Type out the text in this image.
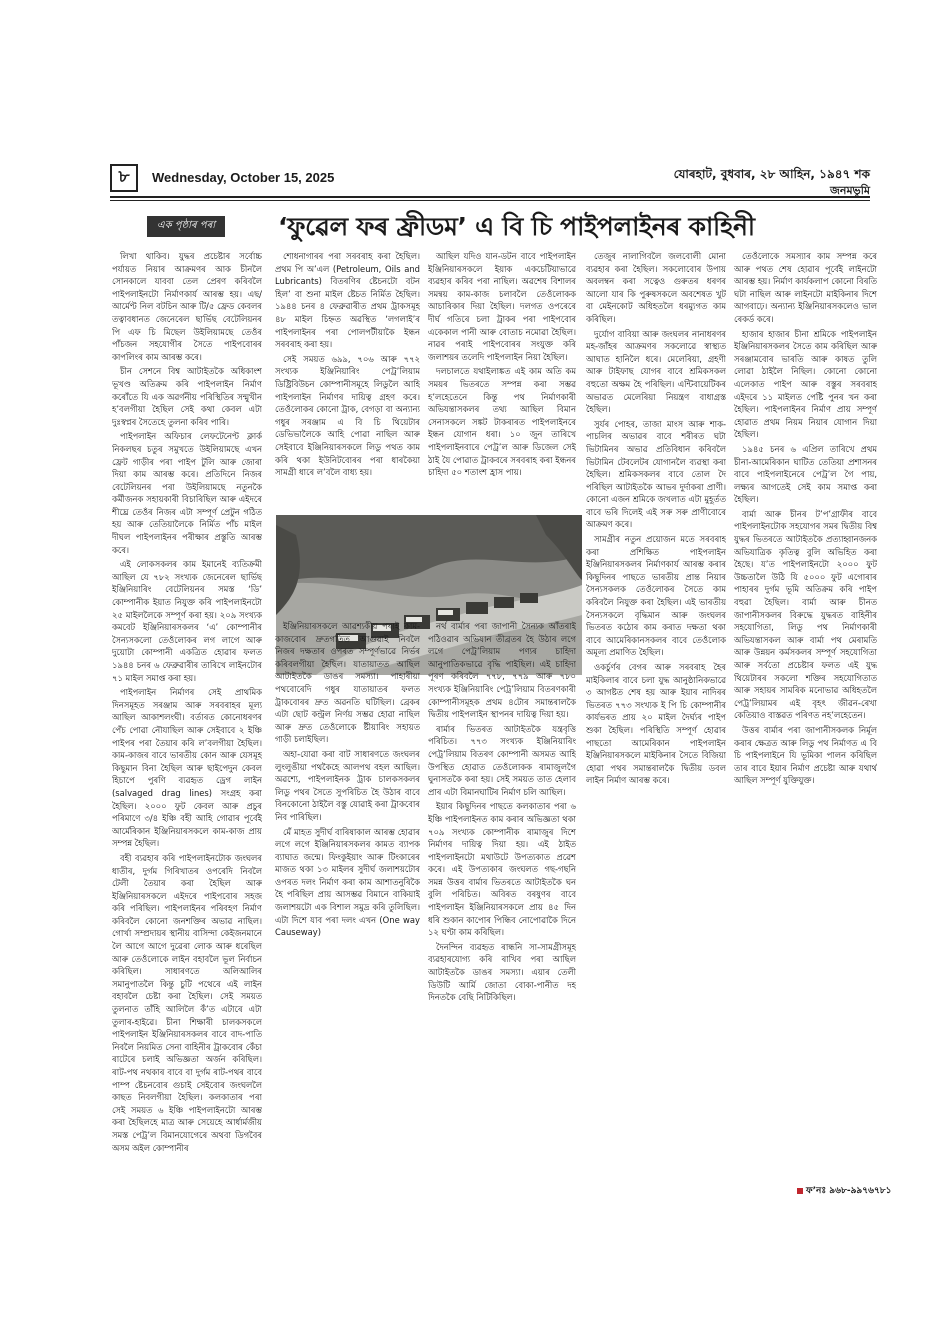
৮	Wednesday, October 15, 2025	যোৰহাট, বুধবাৰ, ২৮ আহিন, ১৯৪৭ শক
জনমভূমি
এক পৃষ্ঠাৰ পৰা	‘ফুৱেল ফৰ ফ্ৰীডম’ এ বি চি পাইপলাইনৰ কাহিনী

লিখা থাকিব। যুদ্ধৰ প্ৰচেষ্টাৰ সৰ্বোচ্চ পৰ্যায়ত নিয়াৰ আক্ৰমণৰ আক চীনলৈ সোনকালে যাববা তেল প্ৰেৰণ কৰিবলৈ পাইপলাইনটো নিৰ্মাণকাৰ্য আৰম্ভ হয়। এছ/আৰ্মেণ্ট নিল বটচিন আৰু টি/৫ ফ্ৰেড কেবলৰ তত্বাবধানত জেনেৰেল ছাৰ্ভিছ বেটেলিয়নৰ পি এফ চি মিছেল উইলিয়ামছে তেওঁৰ পাঁচজন সহযোগীৰ সৈতে পাইপবোৰৰ কাপলিংৰ কাম আৰম্ভ কৰে।

চীন সেশনে বিশ্ব আটাইতকৈ অধিকাংশ ভূখণ্ড অতিক্ৰম কৰি পাইপলাইন নিৰ্মাণ কৰোঁতে যি এক অৱৰ্ণনীয় পৰিস্থিতিৰ সন্মুখীন হ’বলগীয়া হৈছিল সেই কথা কেবল এটা দুঃস্বপ্নৰ সৈতেহে তুলনা কৰিব পাৰি।

পাইপলাইন অফিচাৰ লেফটেনেণ্ট ক্লাৰ্ক নিকলছৰ চতুৰ সমুখতে উইলিয়ামছে এখন ফ্ৰেট গাড়ীৰ পৰা পাইপ টুলি আৰু জোৰা দিয়া কাম আৰম্ভ কৰে। প্ৰতিদিনে নিজৰ বেটেলিয়নৰ পৰা উইলিয়ামছে নতুনকৈ কৰ্মীজনক সহায়কাৰী বিচাৰিছিল আৰু এইদৰে শীঘ্ৰে তেওঁৰ নিজৰ এটা সম্পূৰ্ণ প্ৰেটুন গঠিত হয় আৰু তেতিয়ালৈকে নিৰ্মিত পাঁচ মাইল দীঘল পাইপলাইনৰ পৰীক্ষাৰ প্ৰস্তুতি আৰম্ভ কৰে।

এই লোকসকলৰ কাম ইমানেই ব্যতিক্ৰমী আছিল যে ৭৮২ সংখ্যক জেনেৰেল ছাৰ্ভিছ ইঞ্জিনিয়াৰিং বেটেলিয়নৰ সমস্ত ‘ডি’ কোম্পানীক ইয়াত নিযুক্ত কৰি পাইপলাইনটো ২৫ মাইললৈকে সম্পূৰ্ণ কৰা হয়। ২০৯ সংখ্যক কমবেট ইঞ্জিনিয়াৰসকলৰ ‘এ’ কোম্পানীৰ সৈন্যসকলো তেওঁলোকৰ লগ লাগে আৰু দুয়োটা কোম্পানী একত্ৰিত হোৱাৰ ফলত ১৯৪৪ চনৰ ৬ ফেব্ৰুৱাৰীৰ তাৰিখে লাইনটোৰ ৭১ মাইল সমাপ্ত কৰা হয়।

পাইপলাইন নিৰ্মাণৰ সেই প্ৰাথমিক দিনসমূহত সৰঞ্জাম আৰু সৰবৰাহৰ মূল্য আছিল আকাশলংঘী। বৰ্তাৰত কোনোধৰণৰ পেঁচ পোৱা নৌযাছিল আৰু সেইবাবে ২ ইঞ্চি পাইপৰ পৰা তৈয়াৰ কৰি ল’বলগীয়া হৈছিল। কাম-কাজৰ বাবে ভাৰতীয় কোন আৰু যেসমূহ কিছুমান বিনা হৈছিল আৰু ছাইপেদুন কেবল হিচাপে পুৰণি ব্যৱহৃত ড্ৰেগ লাইন (salvaged drag lines) সংগ্ৰহ কৰা হৈছিল। ২০০০ ফুট কেবল আৰু প্ৰচুৰ পৰিমাণে ৩/৪ ইঞ্চি বহী আহি গোৱাৰ পূৰ্বেই আৰ্মেৰিকান ইঞ্জিনিয়াৰসকলে কাম-কাজ প্ৰায় সম্পন্ন হৈছিল।

বহী ব্যৱহাৰ কৰি পাইপলাইনটোক জংঘলৰ ধাতীৰ, দুৰ্গম গিৰিখাতৰ ওপৰেদি নিবলৈ টেলী তৈয়াৰ কৰা হৈছিল আৰু ইঞ্জিনিয়াৰসকলে এইদৰে পাইপবোৰ সহজ কৰি পৰিছিল। পাইপলাইনৰ পৰিবহণ নিৰ্মাণ কৰিবলৈ কোনো জনশক্তিৰ অভাৱ নাছিল। গোৰ্খা সম্প্ৰদায়ৰ স্থানীয় বাসিন্দা কেইজনমানে লৈ আগে আগে দুৱেৰা লোক আৰু ধৰেছিল আৰু তেওঁলোকে লাইন বহাবলৈ ভূল নিৰ্বাচন কৰিছিল। সাধাৰণতে অলিআলিৰ সমানুপাতলৈ কিন্তু চুটি পথেৰে এই লাইন বহাবলৈ চেষ্টা কৰা হৈছিল। সেই সময়ত তুলনাত তাঁহি আলিলৈ কঁ’ত এটাৰে এটা তুলাৰ-হাইৱে। চীনা শিক্ষাৰী চালকসকলে পাইপলাইন ইঞ্জিনিয়াৰসকলৰ বাবে বাদ-পাতি নিবলৈ নিয়মিত সেনা বাহিনীৰ ট্ৰাকবোৰ কেঁচা ৰাটেৰে চলাই অভিজ্ঞতা অৰ্জন কৰিছিল। ৰাট-পথ নথকাৰ বাবে বা দুৰ্গম ৰাট-পথৰ বাবে পাম্প ষ্টেচনবোৰ গুচাই সেইবোৰ জংঘললৈ কাছত নিবলগীয়া হৈছিল। কলকাতাৰ পৰা সেই সময়ত ৬ ইঞ্চি পাইপলাইনটো আৰম্ভ কৰা হৈছিলহে মাত্ৰ আৰু সেয়েহে আৰ্ধাৰ্মজীয় সমস্ত পেট্ৰ’ল বিমানযোগেৰে অথবা ডিগবৈৰ অসম অইল কোম্পানীৰ

শোধনাগাৰৰ পৰা সৰবৰাহ কৰা হৈছিল। প্ৰথম পি অ’এল (Petroleum, Oils and Lubricants) বিতৰণিৰ ষ্টেচনটো বটন হিল’ বা শুনা মাইল ষ্টেচত নিৰ্মিত হৈছিল। ১৯৪৪ চনৰ ৪ ফেব্ৰুৱাৰীত প্ৰথম ট্ৰাকসমূহ ৪৮ মাইল চিহ্নত অৱস্থিত ‘লগলাই’ৰ পাইপলাইনৰ পৰা পোলপটীয়াকৈ ইন্ধন সৰবৰাহ কৰা হয়।

সেই সময়ত ৬৯৯, ৭০৬ আৰু ৭৭২ সংখ্যক ইঞ্জিনিয়াৰিং পেট্ৰ’লিয়াম ডিষ্ট্ৰিবিউচন কোম্পানীসমূহে লিডুলৈ আহি পাইপলাইন নিৰ্মাণৰ দায়িত্ব গ্ৰহণ কৰে। তেওঁলোকৰ কোনো ট্ৰাক, বেগড়া বা অন্যান্য গধুৰ সৰঞ্জাম এ বি চি থিয়েটাৰ ডেভিভালৈকে আহি পোৱা নাছিল আৰু সেইবাবে ইঞ্জিনিয়াৰসকলে লিডু পথত কাম কৰি থকা ইউনিটবোৰৰ পৰা ধাৰকৈয়া সামগ্ৰী ধাৰে ল’বলৈ বাধ্য হয়।

আছিল যদিও যান-ডটন বাবে পাইপলাইন ইঞ্জিনিয়াৰসকলে ইয়াক একচেটিয়াভাৱে ব্যৱহাৰ কৰিব পৰা নাছিল। অৱশেষ বিশালৰ সমন্বয় কাম-কাজ চলাবলৈ তেওঁলোকক আচাৰিকাৰ দিয়া হৈছিল। দলগত ওপৰেৰে দীৰ্ঘ গতিৰে চলা ট্ৰাকৰ পৰা পাইপবোৰ একেকাল পানী আৰু বোতাচ নমোৱা হৈছিল। নাৱৰ পৰাই পাইপবোৰৰ সংযুক্ত কৰি জলাশয়ৰ তলেদি পাইপলাইন নিয়া হৈছিল।

দলচালতে যথাইলাঙ্কত এই কাম অতি কম সময়ৰ ভিতৰতে সম্পন্ন কৰা সম্ভৱ হ’লহেতেনে কিন্তু পথ নিৰ্মাণকাৰী অভিযন্তাসকলৰ তথ্য আছিল বিমান সেনাসকলে সঙ্কট টাকৰাৰত পাইপলাইনৰে ইন্ধন যোগান ধৰা। ১০ জুন তাৰিখে পাইপলাইনবাৰে পেট্ৰ’ল আৰু ডিজেল সেই ঠাই যৈ পোৱাত ট্ৰাকবৰে সৰবৰাহ কৰা ইন্ধনৰ চাহিদা ৫০ শতাংশ হ্ৰাস পায়।

ইঞ্জিনিয়াৰসকলে আৱশ্যকীয় পৰাই কাম-কাজবোৰ দ্ৰুতগতিত আগুৱাই নিবলৈ নিজৰ দক্ষতাৰ ওপৰত সম্পূৰ্ণভাৱে নিৰ্ভৰ কৰিবলগীয়া হৈছিল। যাতায়াতত আছিল আটাইতকৈ ডাঙৰ সমস্যা। পাহাৰীয়া পথবোৰেদি গধুৰ যাতায়াতৰ ফলত ট্ৰাকবোৰৰ দ্ৰুত অৱনতি ঘটিছিল। ব্ৰেকৰ এটা ছোট কন্ট্ৰল নিৰ্ণয় সম্ভৱ হোৱা নাছিল আৰু দ্ৰুত তেওঁলোকে ষ্টীয়াৰিং সহায়ত গাড়ী চলাইছিল।

অহা-যোৱা কৰা বাট সাধাৰণতে জংঘলৰ লুংলুঙীয়া পথকৈহে আলপথ বহল আছিল। অৱশ্যে, পাইপলাইনক ট্ৰাক চালকসকলৰ লিডু পথৰ সৈতে সুপৰিচিত হৈ উঠাৰ বাবে বিনকোনো ঠাইলৈ বস্তু যোৱাই কৰা ট্ৰাকবোৰ নিব পাৰিছিল।

মেঁ মাহত সুদীৰ্ঘ বাৰিষাকাল আৰম্ভ হোৱাৰ লগে লগে ইঞ্জিনিয়াৰসকলৰ কামত ব্যাপক ব্যাঘাত জন্মে। ফিংকুইয়াং আৰু টিংকাৰেৰ মাজত থকা ১৩ মাইলৰ সুদীৰ্ঘ জলাশয়টোৰ ওপৰত দলং নিৰ্মাণ কৰা কাম আশাতনুৰিকৈ হৈ পৰিছিল প্ৰায় আসম্ভৱ বিমানে বাকিয়াই জলাশয়টো এক বিশাল সমুদ্ৰ কৰি তুলিছিল। এটা দিশে যাব পৰা দলং এখন (One way Causeway)

নৰ্থ বাৰ্মাৰ পৰা জাপানী সৈন্যক আঁতৰাই পঠিওৱাৰ অভিযান তীব্ৰতৰ হৈ উঠাৰ লগে লগে পেট্ৰ’লিয়াম পণ্যৰ চাহিদা আনুপাতিকভাৱে বৃদ্ধি পাইছিল। এই চাহিদা পূৰণ কৰিবলৈ ৭৭৮, ৭৭৯ আৰু ৭৮০ সংখ্যক ইঞ্জিনিয়াৰিং পেট্ৰ’লিয়াম বিতৰণকাৰী কোম্পানীসমূহক প্ৰথম ৪টোৰ সমান্তৰালকৈ দ্বিতীয় পাইপলাইন স্থাপনৰ দায়িত্ব দিয়া হয়।

ৰাৰ্মাৰ ভিতৰত আটাইতকৈ যন্ত্ৰবৃত্তি পৰিচিত। ৭৭৩ সংখ্যক ইঞ্জিনিয়াৰিং পেট্ৰ’লিয়াম বিতৰণ কোম্পানী অসমত আহি উপস্থিত হোৱাত তেওঁলোকক ৰামাজুলগৈ ঘুনাসতকৈ কৰা হয়। সেই সময়ত তাত হেলাব প্ৰাৰ এটা বিমানঘাটিৰ নিৰ্মাণ চলি আছিল।

ইয়াৰ কিছুদিনৰ পাছতে কলকাতাৰ পৰা ৬ ইঞ্চি পাইপলাইনত কাম কৰাৰ অভিজ্ঞতা থকা ৭০৯ সংখ্যক কোম্পানীক ৰামাজুৰ দিশে নিৰ্মাণৰ দায়িত্ব দিয়া হয়। এই ঠাইত পাইপলাইনটো মথাউটে উপত্যকাত প্ৰৱেশ কৰে। এই উপত্যকাৰ জংঘলত গছ-গছনি সমন্ন উত্তৰ বাৰ্মাৰ ভিতৰতে আটাইতকৈ ঘন বুলি পৰিচিত। অবিৰত বৰষুণৰ বাবে পাইপলাইন ইঞ্জিনিয়াৰসকলে প্ৰায় ৪৫ দিন ধৰি শুকান কাপোৰ পিন্ধিব নোপোৱাকৈ দিনে ১২ ঘণ্টা কাম কৰিছিল।

দৈনন্দিন ব্যৱহৃত ৰান্ধনি সা-সামগ্ৰীসমূহ ব্যৱহাৰযোগ্য কৰি ৰাখিব পৰা আছিল আটাইতকৈ ডাঙৰ সমস্যা। এয়াৰ তেলী ডিউটি আৰ্মি জোতা বোকা-পানীত দহ দিনতকৈ বেছি নিটিকিছিল।

তেজুৰ নালাগিবলৈ জলবোলী মোনা ব্যৱহাৰ কৰা হৈছিল। সকলোবোৰ উপায় অবলম্বন কৰা সত্বেও গুৰুতৰ ধৰণৰ আলো যাৰ কি পুৰুষসকলে অবশেষত খুট বা মেইনকোট অধিহতলৈ ধৰম্যুগত কাম কৰিছিল।

দুৰ্যোগ বাবিয়া আৰু জংঘলৰ নানাধৰণৰ মহ-জাঁহৰ আক্ৰমণৰ সকলোৱে স্বাস্থ্যত আঘাত হানিলৈ ধৰে। মেলেৰিয়া, গ্ৰহণী আৰু টাইফাছ যোগৰ বাবে শ্ৰমিকসকল বহুতো অক্ষম হৈ পৰিছিল। এন্টিবায়েটিকৰ অভাৱত মেলেৰিয়া নিয়ন্ত্ৰণ বাধাগ্ৰস্ত হৈছিল।

সুৰ্যৰ পোহৰ, তাজা মাংস আৰু শাক-পাচলিৰ অভাৱৰ বাবে শৰীৰত ঘটা ভিটামিনৰ অভাৱ প্ৰতিবিধান কৰিবলৈ ভিটামিন টেবলেটৰ যোগানলৈ ব্যৱস্থা কৰা হৈছিল। শ্ৰমিকসকলৰ বাবে তোল দৈ পৰিছিল আটাইতকৈ আভৰ দুৰ্দাকৰা প্ৰাণী। কোনো এজন শ্ৰমিকে জখলাত এটা মুহূৰ্তত বাবে ভৰি দিলেই এই সৰু সৰু প্ৰাণীবোৰে আক্ৰমণ কৰে।

সামগ্ৰীৰ নতুন প্ৰয়োজন মতে সৰবৰাহ কৰা প্ৰশিক্ষিত পাইপলাইন ইঞ্জিনিয়াৰসকলৰ নিৰ্মাণকাৰ্য আৰম্ভ কৰাৰ কিছুদিনৰ পাছতে ভাৰতীয় প্ৰান্ত নিয়াৰ সৈন্যসকলক তেওঁলোকৰ সৈতে কাম কৰিবলৈ নিযুক্ত কৰা হৈছিল। এই ভাৰতীয় সৈন্যসকলে বৃদ্ধিমান আৰু জংঘলৰ ভিতৰত কঠোৰ কাম কৰাত দক্ষতা থকা বাবে আমেৰিকানসকলৰ বাবে তেওঁলোক অমূল্য প্ৰমাণিত হৈছিল।

ওকৰ্চুৰ্ণৰ বেগৰ আৰু সৰবৰাহ হৈৰ মাইকিলাৰ বাবে চলা যুদ্ধ আনুষ্ঠানিকভাৱে ৩ আগষ্টত শেষ হয় আৰু ইয়াৰ নাদিৰৰ ভিতৰত ৭৭৩ সংখ্যক ই পি চি কোম্পানীৰ কাৰ্যভৰত প্ৰায় ২০ মাইল দৈৰ্ঘ্যৰ পাইপ শুকা হৈছিল। পৰিস্থিতি সম্পূৰ্ণ হোৱাৰ পাছতো আমেৰিকান পাইপলাইন ইঞ্জিনিয়াৰসকলে মাইকিনাৰ সৈতে বিজিয়া হোৱা পথৰ সমান্তৰালকৈ দ্বিতীয় ডবল লাইন নিৰ্মাণ আৰম্ভ কৰে।

তেওঁলোকে সমস্যাৰ কাম সম্পন্ন কৰে আৰু পথত শেষ হোৱাৰ পূৰ্বেই লাইনটো আৰম্ভ হয়। নিৰ্মাণ কাৰ্যকলাপ কোনো বিৰতি ঘটা নাছিল আৰু লাইনটো মাইকিনাৰ দিশে আগবাঢ়ে। অন্যান্য ইঞ্জিনিয়াৰসকলেও ভাল ৰেকৰ্ড কৰে।

হাজাৰ হাজাৰ চীনা শ্ৰমিকে পাইপলাইন ইঞ্জিনিয়াৰসকলৰ সৈতে কাম কৰিছিল আৰু সৰঞ্জামবোৰ ভাৰতি আৰু কাষত তুলি লোৱা ঠাইলৈ নিছিল। কোনো কোনো এলেকাত পাইপ আৰু বস্তুৰ সৰবৰাহ এইদৰে ১১ মাইলত পেষ্টি পুনৰ খন কৰা হৈছিল। পাইপলাইনৰ নিৰ্মাণ প্ৰায় সম্পূৰ্ণ হোৱাত প্ৰথম নিয়ম নিয়াৰ যোগান দিয়া হৈছিল।

১৯৪৫ চনৰ ৬ এপ্ৰিল তাৰিখে প্ৰথম চীনা-আমেৰিকান ঘাটিত তেতিয়া প্ৰশাসনৰ বাবে পাইপলাইনেৰে পেট্ৰ’ল গৈ পায়, লক্ষ্যৰ আগতেই সেই কাম সমাপ্ত কৰা হৈছিল।

বাৰ্মা আৰু চীনৰ ট’প’গ্ৰাফীৰ বাবে পাইপলাইনটোক সহযোগৰ সমৰ দ্বিতীয় বিশ্ব যুদ্ধৰ ভিতৰতে আটাইতকৈ প্ৰত্যাহ্বানজনক অভিযাত্ৰিক কৃতিত্ব বুলি অভিহিত কৰা হৈছে। য’ত পাইপলাইনটো ২০০০ ফুট উচ্চতালৈ উঠি যি ৫০০০ ফুট এগোৰাৰ পাহাৰৰ দুৰ্গম ভূমি অতিক্ৰম কৰি পাইপ বহুৱা হৈছিল। বাৰ্মা আৰু চীনত জাপানীসকলৰ বিৰুদ্ধে যুদ্ধৰত বাহিনীৰ সহযোগিতা, লিডু পথ নিৰ্মাণকাৰী অভিযন্তাসকল আৰু বাৰ্মা পথ মেৰামতি আৰু উন্নয়ন কৰ্মসকলৰ সম্পূৰ্ণ সহযোগিতা আৰু সৰ্বতো প্ৰচেষ্টাৰ ফলত এই যুদ্ধ থিয়েটাৰৰ সকলো শক্তিৰ সহযোগিতাত আৰু সহায়ৰ সামৰিক মনোভাৱ অধিহতলৈ পেট্ৰ’লিয়ামৰ এই বৃহৎ জীৱন-ৰেখা কেতিয়াও বাস্তৱত পৰিণত নহ’লহেতেন।

উত্তৰ বাৰ্মাৰ পৰা জাপানীসকলক নিৰ্মূল কৰাৰ ক্ষেত্ৰত আৰু লিডু পথ নিৰ্মাণত এ বি চি পাইপলাইনে যি ভূমিকা পালন কৰিছিল তাৰ বাবে ইয়াৰ নিৰ্মাণ প্ৰচেষ্টা আৰু যথাৰ্থ আছিল সম্পূৰ্ণ যুক্তিযুক্ত।

ফ’নঃ ৯৬৮-৯৯৭৬৭৮১
